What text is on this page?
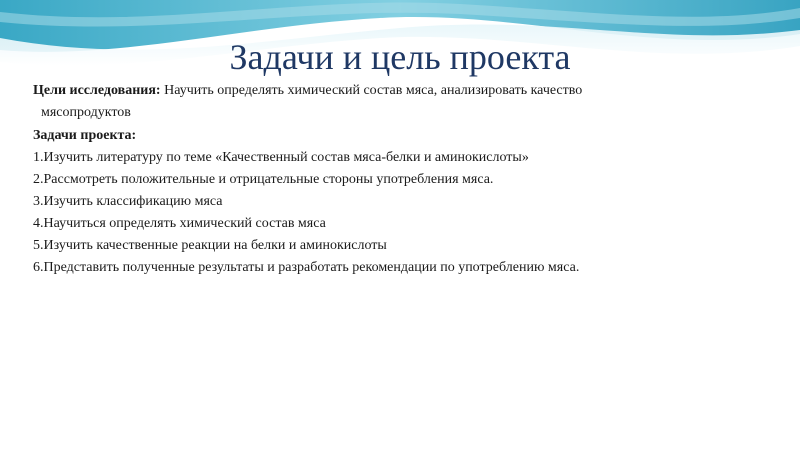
Задачи и цель проекта

Цели исследования: Научить определять химический состав мяса, анализировать качество

мясопродуктов

Задачи проекта:

1.Изучить литературу по теме «Качественный состав мяса-белки и аминокислоты»

2.Рассмотреть положительные и отрицательные стороны употребления мяса.

3.Изучить классификацию мяса

4.Научиться определять химический состав мяса

5.Изучить качественные реакции на белки и аминокислоты

6.Представить полученные результаты и разработать рекомендации по употреблению мяса.
